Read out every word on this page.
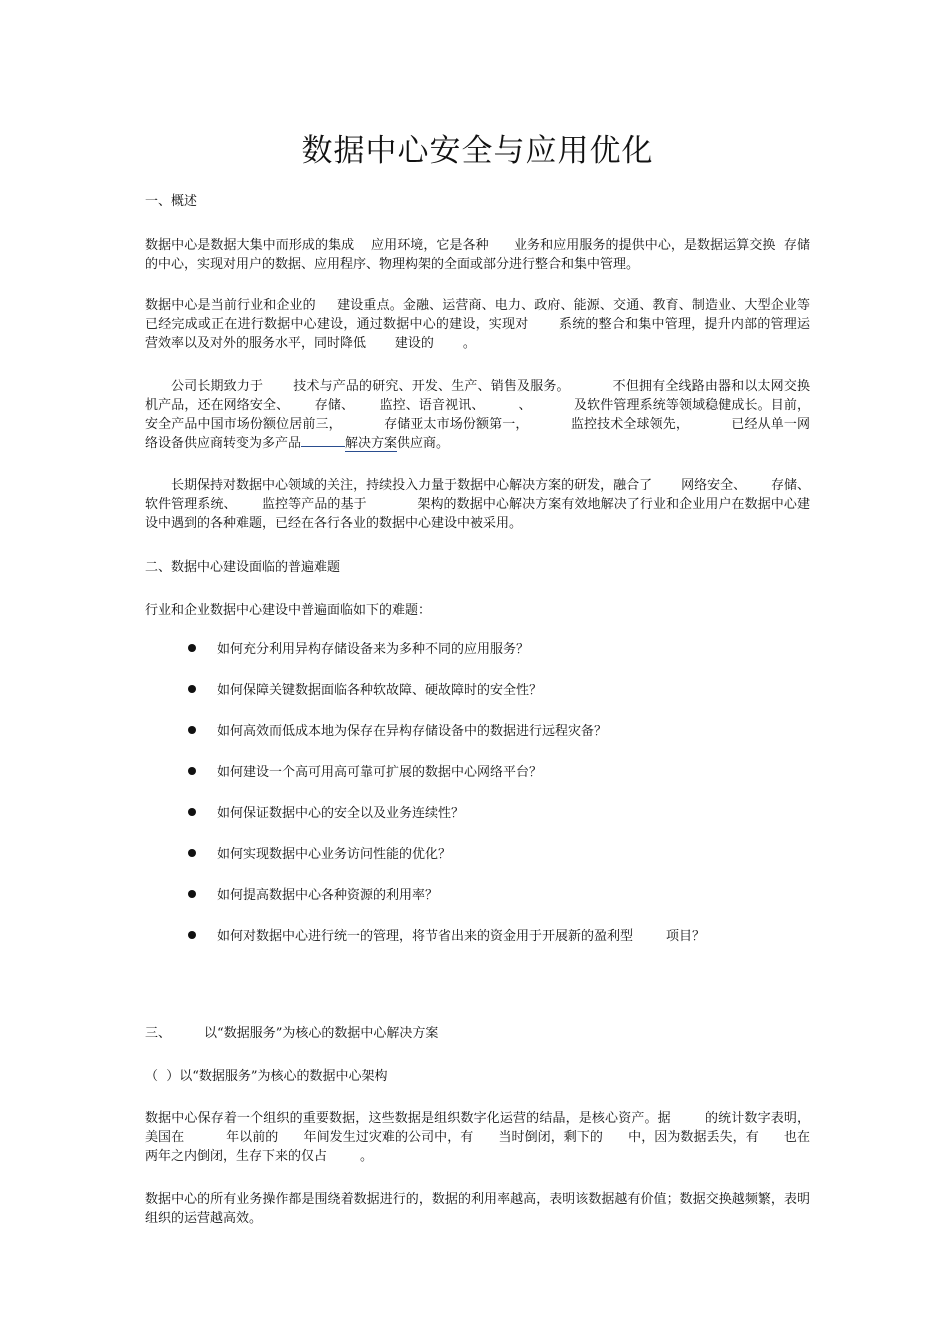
数据中心安全与应用优化
一、概述

数据中心是数据大集中而形成的集成    应用环境，它是各种      业务和应用服务的提供中心，是数据运算交换  存储的中心，实现对用户的数据、应用程序、物理构架的全面或部分进行整合和集中管理。

数据中心是当前行业和企业的     建设重点。金融、运营商、电力、政府、能源、交通、教育、制造业、大型企业等已经完成或正在进行数据中心建设，通过数据中心的建设，实现对       系统的整合和集中管理，提升内部的管理运营效率以及对外的服务水平，同时降低       建设的       。

公司长期致力于       技术与产品的研究、开发、生产、销售及服务。          不但拥有全线路由器和以太网交换机产品，还在网络安全、      存储、      监控、语音视讯、        、          及软件管理系统等领域稳健成长。目前，安全产品中国市场份额位居前三，          存储亚太市场份额第一，          监控技术全球领先，          已经从单一网络设备供应商转变为多产品	解决方案供应商。

长期保持对数据中心领域的关注，持续投入力量于数据中心解决方案的研发，融合了       网络安全、      存储、软件管理系统、      监控等产品的基于            架构的数据中心解决方案有效地解决了行业和企业用户在数据中心建设中遇到的各种难题，已经在各行各业的数据中心建设中被采用。

二、数据中心建设面临的普遍难题
行业和企业数据中心建设中普遍面临如下的难题：
如何充分利用异构存储设备来为多种不同的应用服务？
如何保障关键数据面临各种软故障、硬故障时的安全性？
如何高效而低成本地为保存在异构存储设备中的数据进行远程灾备？
如何建设一个高可用高可靠可扩展的数据中心网络平台？
如何保证数据中心的安全以及业务连续性？
如何实现数据中心业务访问性能的优化？
如何提高数据中心各种资源的利用率？
如何对数据中心进行统一的管理，将节省出来的资金用于开展新的盈利型        项目？
三、        以“数据服务”为核心的数据中心解决方案
（  ）以“数据服务”为核心的数据中心架构

数据中心保存着一个组织的重要数据，这些数据是组织数字化运营的结晶，是核心资产。据        的统计数字表明，美国在          年以前的      年间发生过灾难的公司中，有      当时倒闭，剩下的      中，因为数据丢失，有      也在两年之内倒闭，生存下来的仅占        。

数据中心的所有业务操作都是围绕着数据进行的，数据的利用率越高，表明该数据越有价值；数据交换越频繁，表明组织的运营越高效。
